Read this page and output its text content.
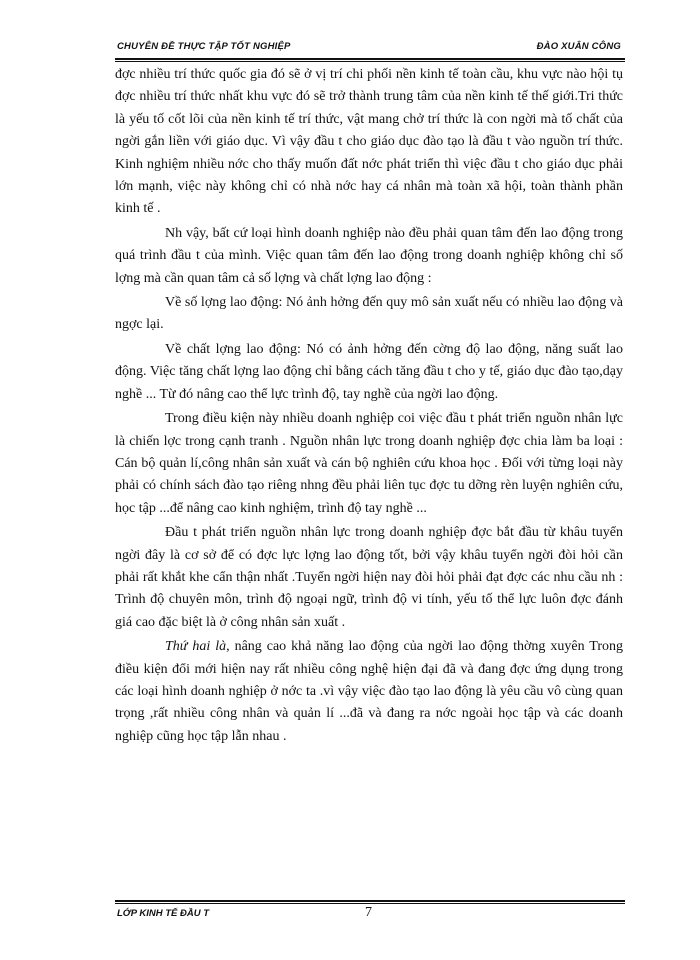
CHUYÊN ĐỀ THỰC TẬP TỐT NGHIỆP	ĐÀO XUÂN CÔNG

đợc nhiều trí thức quốc gia đó sẽ ở vị trí chi phối nền kinh tế toàn cầu, khu vực nào hội tụ đợc nhiều trí thức nhất khu vực đó sẽ trở thành trung tâm của nền kinh tế thế giới.Tri thức là yếu tố cốt lõi của nền kinh tế trí thức, vật mang chở trí thức là con ngời mà tố chất của ngời gắn liền với giáo dục. Vì vậy đầu t cho giáo dục đào tạo là đầu t vào nguồn trí thức. Kinh nghiệm nhiều nớc cho thấy muốn đất nớc phát triển thì việc đầu t cho giáo dục phải lớn mạnh, việc này không chỉ có nhà nớc hay cá nhân mà toàn xã hội, toàn thành phần kinh tế .

Nh vậy, bất cứ loại hình doanh nghiệp nào đều phải quan tâm đến lao động trong quá trình đầu t của mình. Việc quan tâm đến lao động trong doanh nghiệp không chỉ số lợng mà cần quan tâm cả số lợng và chất lợng lao động :

Về số lợng lao động: Nó ảnh hởng đến quy mô sản xuất nếu có nhiều lao động và ngợc lại.

Về chất lợng lao động: Nó có ảnh hởng đến cờng độ lao động, năng suất lao động. Việc tăng chất lợng lao động chỉ bằng cách tăng đầu t cho y tế, giáo dục đào tạo,dạy nghề ... Từ đó nâng cao thể lực trình độ, tay nghề của ngời lao động.

Trong điều kiện này nhiều doanh nghiệp coi việc đầu t phát triển nguồn nhân lực là chiến lợc trong cạnh tranh . Nguồn nhân lực trong doanh nghiệp đợc chia làm ba loại : Cán bộ quản lí,công nhân sản xuất và cán bộ nghiên cứu khoa học . Đối với từng loại này phải có chính sách đào tạo riêng nhng đều phải liên tục đợc tu dỡng rèn luyện nghiên cứu, học tập ...để nâng cao kinh nghiệm, trình độ tay nghề ...

Đầu t phát triển nguồn nhân lực trong doanh nghiệp đợc bắt đầu từ khâu tuyển ngời đây là cơ sở để có đợc lực lợng lao động tốt, bởi vậy khâu tuyển ngời đòi hỏi cần phải rất khắt khe cẩn thận nhất .Tuyển ngời hiện nay đòi hỏi phải đạt đợc các nhu cầu nh : Trình độ chuyên môn, trình độ ngoại ngữ, trình độ vi tính, yếu tố thể lực luôn đợc đánh giá cao đặc biệt là ở công nhân sản xuất .

Thứ hai là, nâng cao khả năng lao động của ngời lao động thờng xuyên Trong điều kiện đổi mới hiện nay rất nhiều công nghệ hiện đại đã và đang đợc ứng dụng trong các loại hình doanh nghiệp ở nớc ta .vì vậy việc đào tạo lao động là yêu cầu vô cùng quan trọng ,rất nhiều công nhân và quản lí ...đã và đang ra nớc ngoài học tập và các doanh nghiệp cũng học tập lẫn nhau .

LỚP KINH TẾ ĐẦU T	7
